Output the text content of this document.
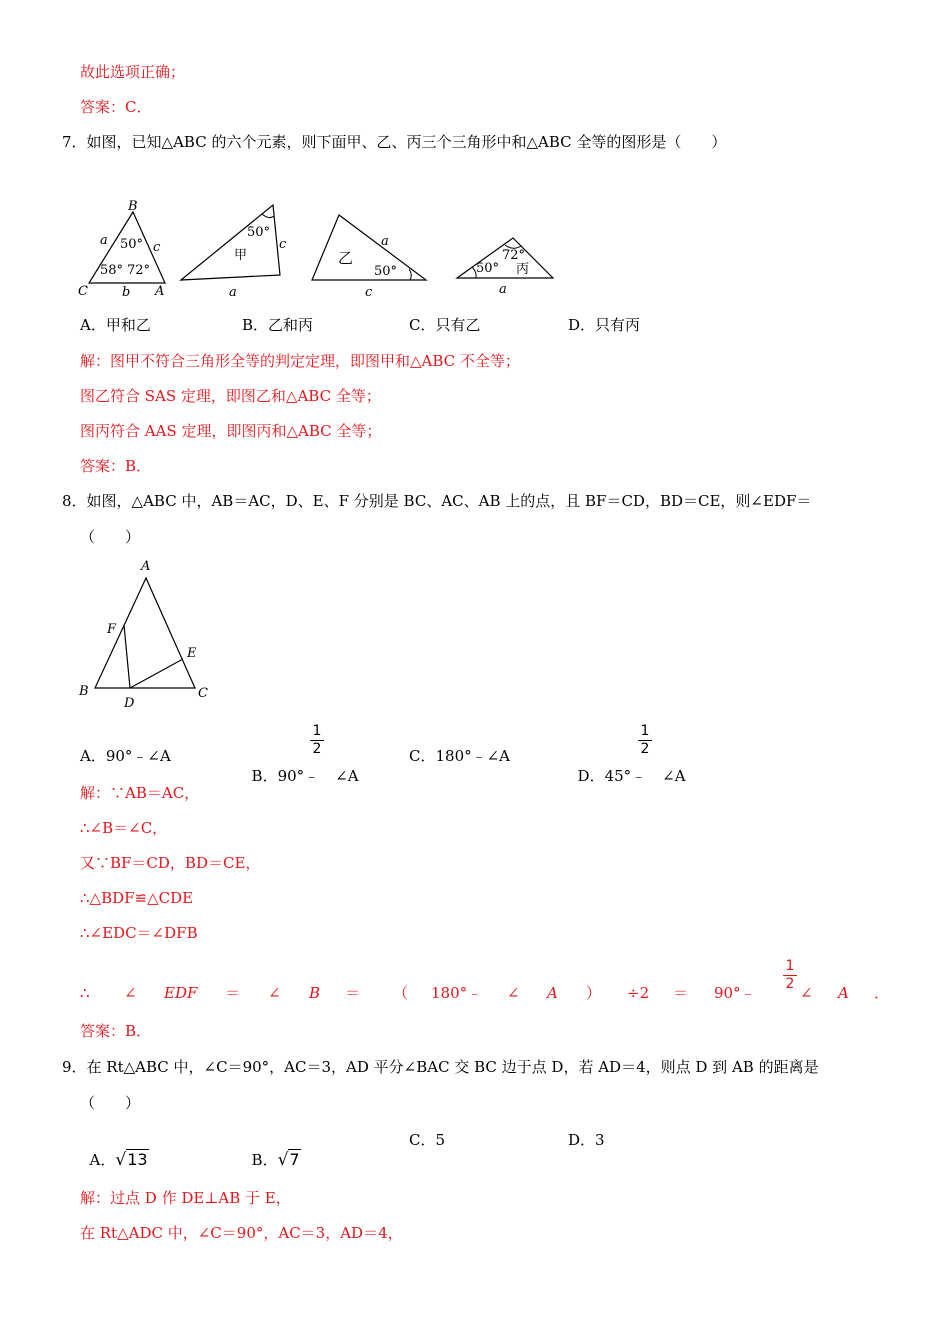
故此选项正确；
答案：C．
7．如图，已知△ABC 的六个元素，则下面甲、乙、丙三个三角形中和△ABC 全等的图形是（　　）
B
C	A
a
b
c
50°
58° 72°
50°
甲
c
a
乙
a
50°
c
50°
72°
丙
a
A．甲和乙	B．乙和丙	C．只有乙	D．只有丙
解：图甲不符合三角形全等的判定定理，即图甲和△ABC 不全等；
图乙符合 SAS 定理，即图乙和△ABC 全等；
图丙符合 AAS 定理，即图丙和△ABC 全等；
答案：B．
8．如图，△ABC 中，AB＝AC，D、E、F 分别是 BC、AC、AB 上的点，且 BF＝CD，BD＝CE，则∠EDF＝
（　　）
A
B	C
D
E
F
A．90°﹣∠A

B．90°﹣ ∠A

1
2	C．180°﹣∠A

D．45°﹣ ∠A

1
2
解：∵AB＝AC，
∴∠B＝∠C，
又∵BF＝CD，BD＝CE，
∴△BDF≌△CDE
∴∠EDC＝∠DFB
∴ ∠ EDF ＝ ∠ B ＝ （ 180°﹣ ∠ A ） ÷2 ＝ 90°﹣
1
2 ∠ A ．
答案：B．
9．在 Rt△ABC 中，∠C＝90°，AC＝3，AD 平分∠BAC 交 BC 边于点 D，若 AD＝4，则点 D 到 AB 的距离是
（　　）

A．√13	B．√7

C．5	D．3
解：过点 D 作 DE⊥AB 于 E，
在 Rt△ADC 中，∠C＝90°，AC＝3，AD＝4，
